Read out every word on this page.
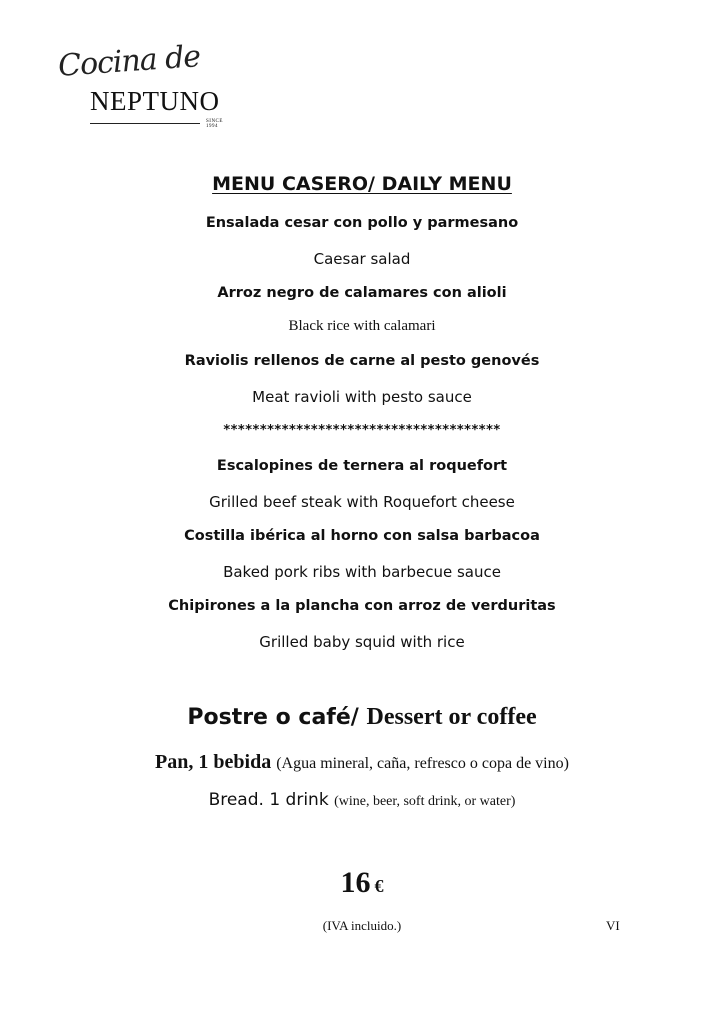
Cocina de
NEPTUNO
SINCE 1994
MENU CASERO/ DAILY MENU
Ensalada cesar con pollo y parmesano
Caesar salad
Arroz negro de calamares con alioli
Black rice with calamari
Raviolis rellenos de carne al pesto genovés
Meat ravioli with pesto sauce
**************************************
Escalopines de ternera al roquefort
Grilled beef steak with Roquefort cheese
Costilla ibérica al horno con salsa barbacoa
Baked pork ribs with barbecue sauce
Chipirones a la plancha con arroz de verduritas
Grilled baby squid with rice
Postre o café/ Dessert or coffee
Pan, 1 bebida (Agua mineral, caña, refresco o copa de vino)
Bread. 1 drink (wine, beer, soft drink, or water)
16 €
(IVA incluido.)	VI
